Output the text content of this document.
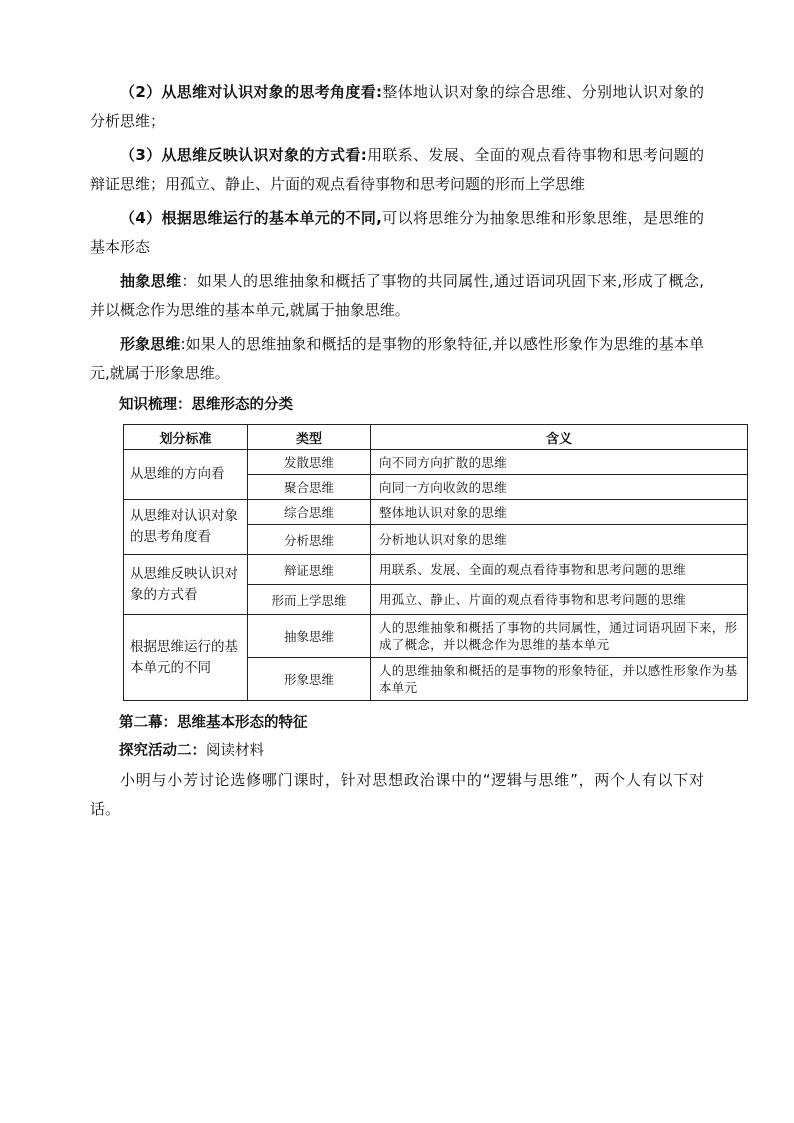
（2）从思维对认识对象的思考角度看:整体地认识对象的综合思维、分别地认识对象的分析思维；

（3）从思维反映认识对象的方式看:用联系、发展、全面的观点看待事物和思考问题的辩证思维；用孤立、静止、片面的观点看待事物和思考问题的形而上学思维

（4）根据思维运行的基本单元的不同,可以将思维分为抽象思维和形象思维，是思维的基本形态

抽象思维：如果人的思维抽象和概括了事物的共同属性,通过语词巩固下来,形成了概念,并以概念作为思维的基本单元,就属于抽象思维。

形象思维:如果人的思维抽象和概括的是事物的形象特征,并以感性形象作为思维的基本单元,就属于形象思维。

知识梳理：思维形态的分类
划分标准	类型	含义
从思维的方向看	发散思维	向不同方向扩散的思维
	聚合思维	向同一方向收敛的思维
从思维对认识对象的思考角度看	综合思维	整体地认识对象的思维
	分析思维	分析地认识对象的思维
从思维反映认识对象的方式看	辩证思维	用联系、发展、全面的观点看待事物和思考问题的思维
	形而上学思维	用孤立、静止、片面的观点看待事物和思考问题的思维
根据思维运行的基本单元的不同	抽象思维	人的思维抽象和概括了事物的共同属性，通过词语巩固下来，形成了概念，并以概念作为思维的基本单元
	形象思维	人的思维抽象和概括的是事物的形象特征，并以感性形象作为基本单元
第二幕：思维基本形态的特征
探究活动二：阅读材料

小明与小芳讨论选修哪门课时，针对思想政治课中的“逻辑与思维”，两个人有以下对话。
